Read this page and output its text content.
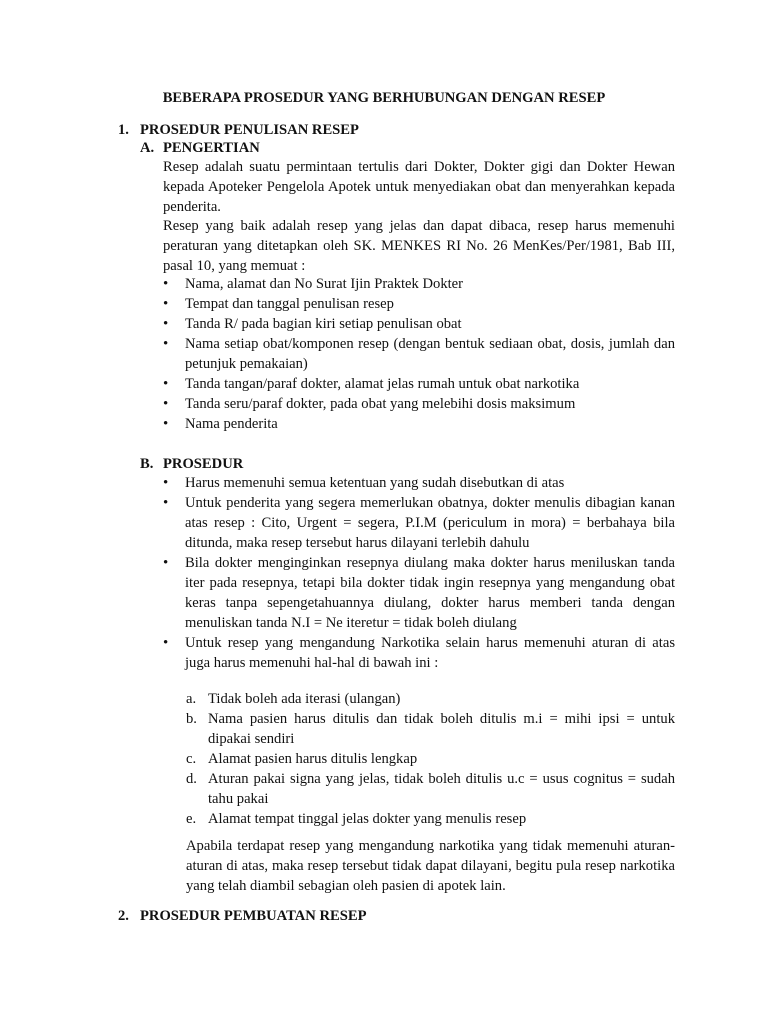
BEBERAPA PROSEDUR YANG BERHUBUNGAN DENGAN RESEP
1. PROSEDUR PENULISAN RESEP
A. PENGERTIAN

Resep adalah suatu permintaan tertulis dari Dokter, Dokter gigi dan Dokter Hewan kepada Apoteker Pengelola Apotek untuk menyediakan obat dan menyerahkan kepada penderita.

Resep yang baik adalah resep yang jelas dan dapat dibaca, resep harus memenuhi peraturan yang ditetapkan oleh SK. MENKES RI No. 26 MenKes/Per/1981, Bab III, pasal 10, yang memuat :

• Nama, alamat dan No Surat Ijin Praktek Dokter
• Tempat dan tanggal penulisan resep
• Tanda R/ pada bagian kiri setiap penulisan obat
• Nama setiap obat/komponen resep (dengan bentuk sediaan obat, dosis, jumlah dan petunjuk pemakaian)
• Tanda tangan/paraf dokter, alamat jelas rumah untuk obat narkotika
• Tanda seru/paraf dokter, pada obat yang melebihi dosis maksimum
• Nama penderita
B. PROSEDUR
• Harus memenuhi semua ketentuan yang sudah disebutkan di atas
• Untuk penderita yang segera memerlukan obatnya, dokter menulis dibagian kanan atas resep : Cito, Urgent = segera, P.I.M (periculum in mora) = berbahaya bila ditunda, maka resep tersebut harus dilayani terlebih dahulu
• Bila dokter menginginkan resepnya diulang maka dokter harus meniluskan tanda iter pada resepnya, tetapi bila dokter tidak ingin resepnya yang mengandung obat keras tanpa sepengetahuannya diulang, dokter harus memberi tanda dengan menuliskan tanda N.I = Ne iteretur = tidak boleh diulang
• Untuk resep yang mengandung Narkotika selain harus memenuhi aturan di atas juga harus memenuhi hal-hal di bawah ini :
a. Tidak boleh ada iterasi (ulangan)
b. Nama pasien harus ditulis dan tidak boleh ditulis m.i = mihi ipsi = untuk dipakai sendiri
c. Alamat pasien harus ditulis lengkap
d. Aturan pakai signa yang jelas, tidak boleh ditulis u.c = usus cognitus = sudah tahu pakai
e. Alamat tempat tinggal jelas dokter yang menulis resep

Apabila terdapat resep yang mengandung narkotika yang tidak memenuhi aturan-aturan di atas, maka resep tersebut tidak dapat dilayani, begitu pula resep narkotika yang telah diambil sebagian oleh pasien di apotek lain.

2. PROSEDUR PEMBUATAN RESEP
